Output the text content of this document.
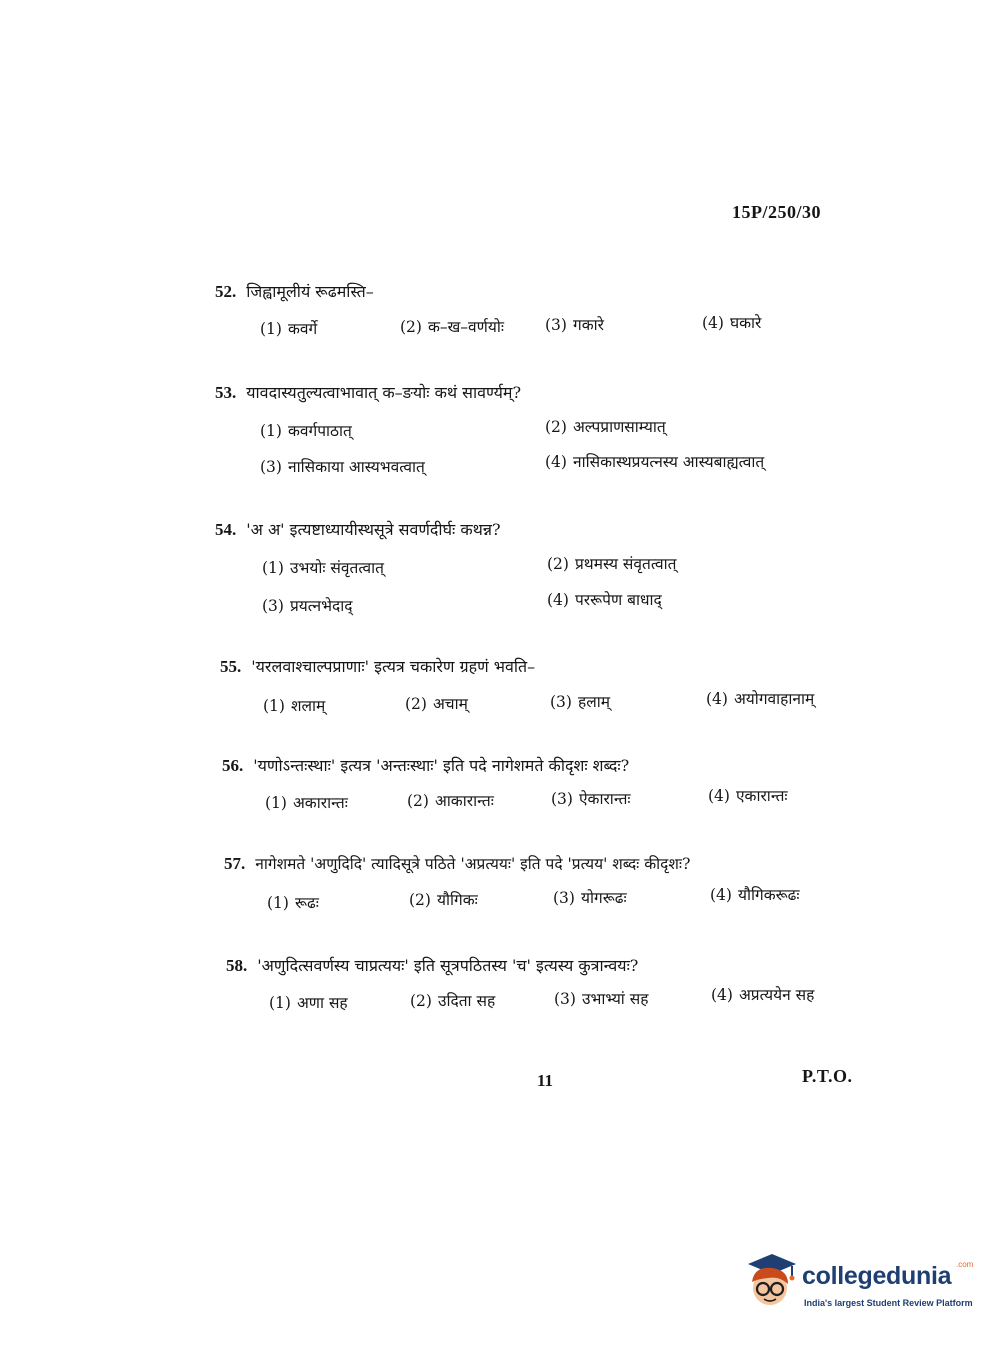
15P/250/30
52. जिह्वामूलीयं रूढमस्ति–
(1) कवर्गे	(2) क–ख–वर्णयोः	(3) गकारे	(4) घकारे
53. यावदास्यतुल्यत्वाभावात् क–ङयोः कथं सावर्ण्यम्?
(1) कवर्गपाठात्	(2) अल्पप्राणसाम्यात्
(3) नासिकाया आस्यभवत्वात्	(4) नासिकास्थप्रयत्नस्य आस्यबाह्यत्वात्
54. 'अ अ' इत्यष्टाध्यायीस्थसूत्रे सवर्णदीर्घः कथन्न?
(1) उभयोः संवृतत्वात्	(2) प्रथमस्य संवृतत्वात्
(3) प्रयत्नभेदाद्	(4) पररूपेण बाधाद्
55. 'यरलवाश्चाल्पप्राणाः' इत्यत्र चकारेण ग्रहणं भवति–
(1) शलाम्	(2) अचाम्	(3) हलाम्	(4) अयोगवाहानाम्
56. 'यणोऽन्तःस्थाः' इत्यत्र 'अन्तःस्थाः' इति पदे नागेशमते कीदृशः शब्दः?
(1) अकारान्तः	(2) आकारान्तः	(3) ऐकारान्तः	(4) एकारान्तः
57. नागेशमते 'अणुदिदि' त्यादिसूत्रे पठिते 'अप्रत्ययः' इति पदे 'प्रत्यय' शब्दः कीदृशः?
(1) रूढः	(2) यौगिकः	(3) योगरूढः	(4) यौगिकरूढः
58. 'अणुदित्सवर्णस्य चाप्रत्ययः' इति सूत्रपठितस्य 'च' इत्यस्य कुत्रान्वयः?
(1) अणा सह	(2) उदिता सह	(3) उभाभ्यां सह	(4) अप्रत्ययेन सह
11	P.T.O.
collegedunia .com
India's largest Student Review Platform
